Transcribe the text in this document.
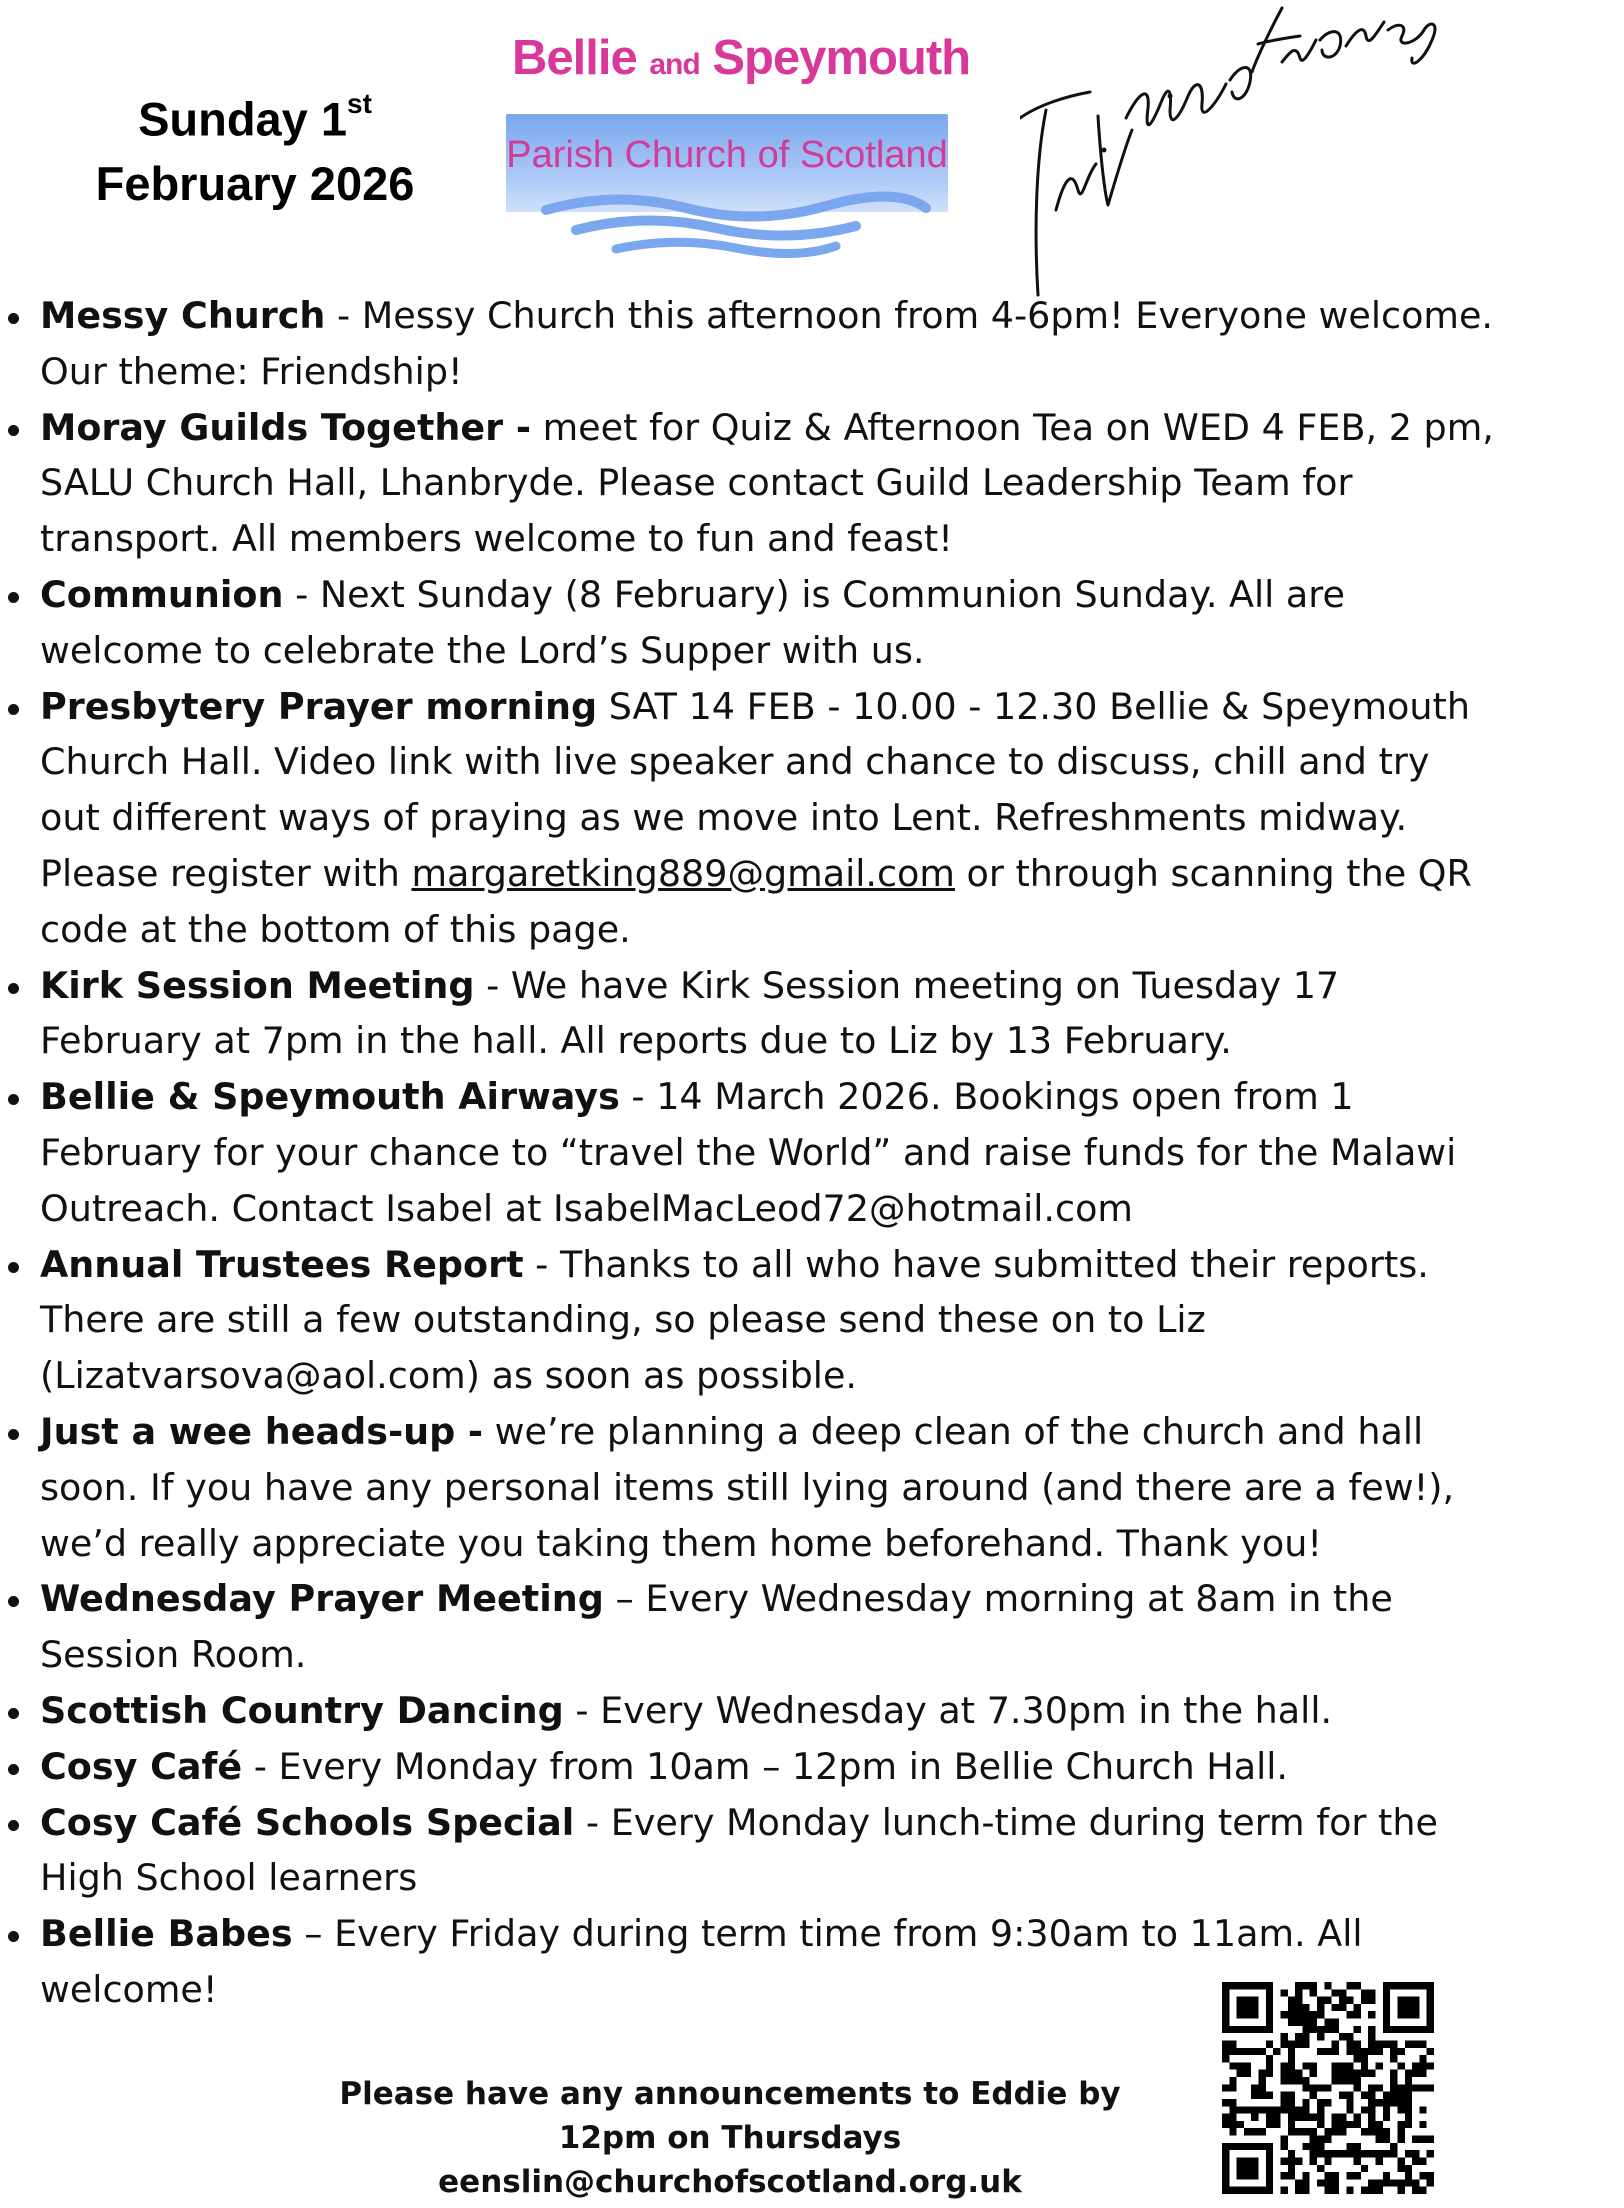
Sunday 1st
February 2026
Bellie and Speymouth
Parish Church of Scotland
Messy Church - Messy Church this afternoon from 4-6pm! Everyone welcome. Our theme: Friendship!
Moray Guilds Together - meet for Quiz & Afternoon Tea on WED 4 FEB, 2 pm, SALU Church Hall, Lhanbryde. Please contact Guild Leadership Team for transport. All members welcome to fun and feast!
Communion - Next Sunday (8 February) is Communion Sunday. All are welcome to celebrate the Lord’s Supper with us.
Presbytery Prayer morning SAT 14 FEB - 10.00 - 12.30 Bellie & Speymouth Church Hall. Video link with live speaker and chance to discuss, chill and try out different ways of praying as we move into Lent. Refreshments midway. Please register with margaretking889@gmail.com or through scanning the QR code at the bottom of this page.
Kirk Session Meeting - We have Kirk Session meeting on Tuesday 17 February at 7pm in the hall. All reports due to Liz by 13 February.
Bellie & Speymouth Airways - 14 March 2026. Bookings open from 1 February for your chance to “travel the World” and raise funds for the Malawi Outreach. Contact Isabel at IsabelMacLeod72@hotmail.com
Annual Trustees Report - Thanks to all who have submitted their reports. There are still a few outstanding, so please send these on to Liz (Lizatvarsova@aol.com) as soon as possible.
Just a wee heads-up - we’re planning a deep clean of the church and hall soon. If you have any personal items still lying around (and there are a few!), we’d really appreciate you taking them home beforehand. Thank you!
Wednesday Prayer Meeting – Every Wednesday morning at 8am in the Session Room.
Scottish Country Dancing - Every Wednesday at 7.30pm in the hall.
Cosy Café - Every Monday from 10am – 12pm in Bellie Church Hall.
Cosy Café Schools Special - Every Monday lunch-time during term for the High School learners
Bellie Babes – Every Friday during term time from 9:30am to 11am. All welcome!
Please have any announcements to Eddie by
12pm on Thursdays
eenslin@churchofscotland.org.uk
